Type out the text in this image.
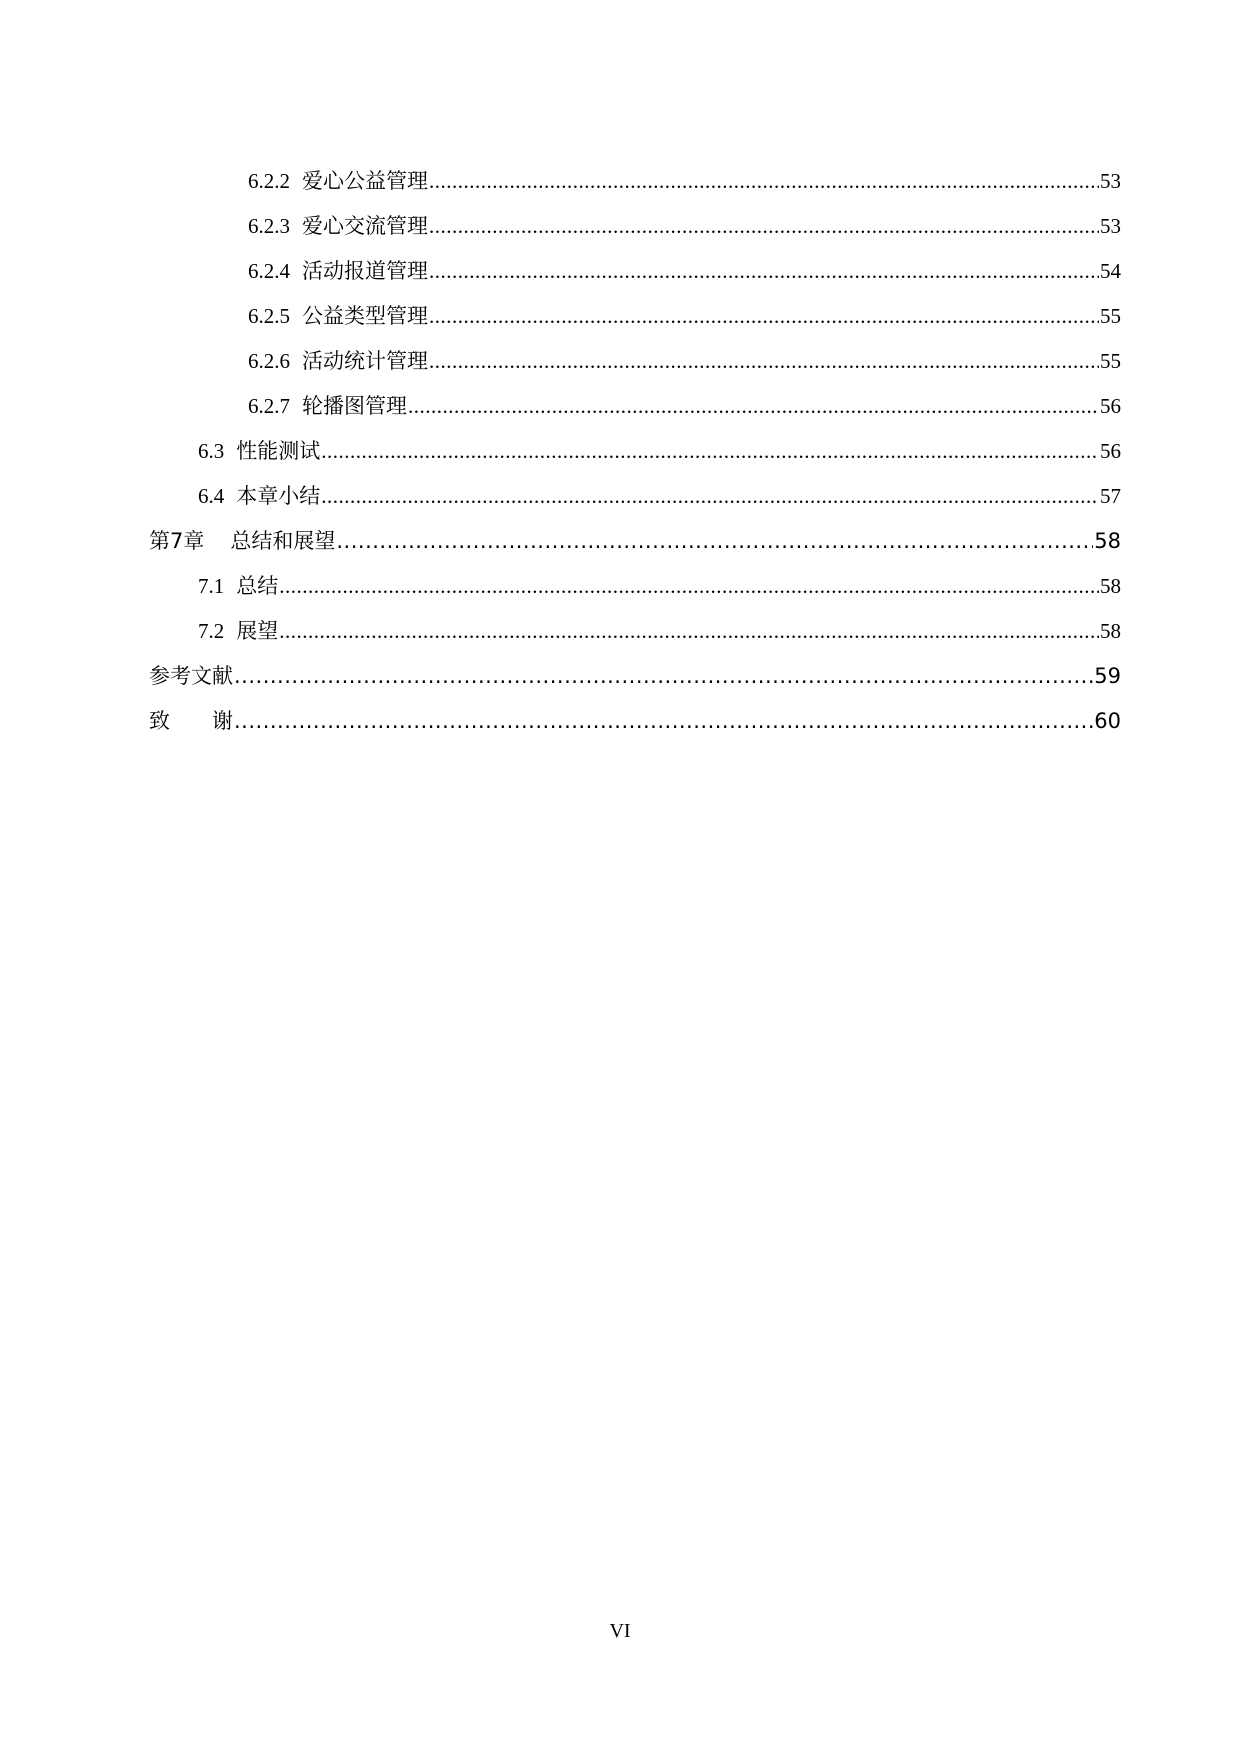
6.2.2 爱心公益管理 .....	53
6.2.3 爱心交流管理 .....	53
6.2.4 活动报道管理 .....	54
6.2.5 公益类型管理 .....	55
6.2.6 活动统计管理 .....	55
6.2.7 轮播图管理 .....	56
6.3 性能测试 .....	56
6.4 本章小结 .....	57
第7章 总结和展望 .....	58
7.1 总结 .....	58
7.2 展望 .....	58
参考文献 .....	59
致　　谢 .....	60
VI
